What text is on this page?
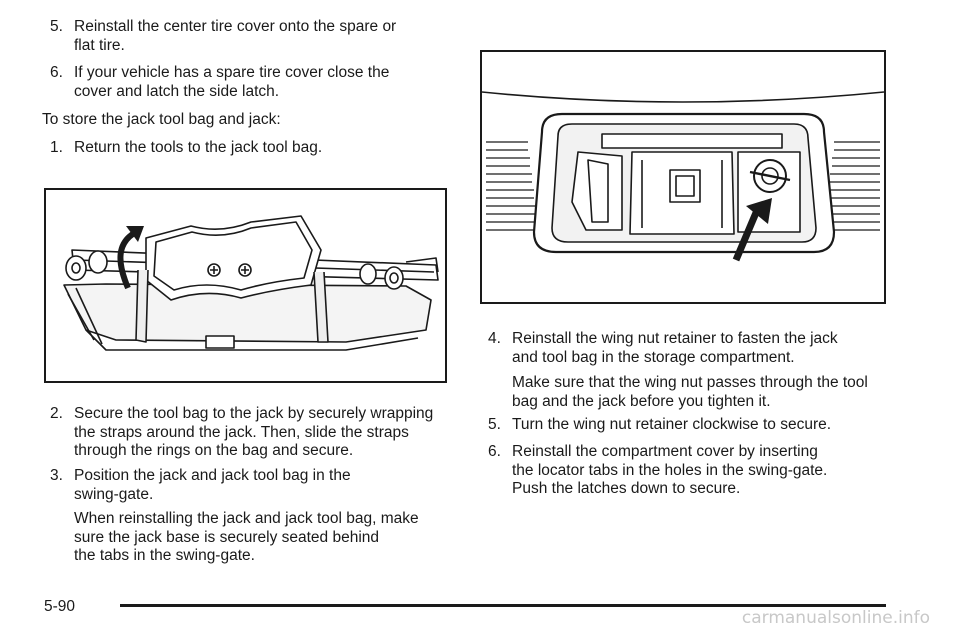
5. Reinstall the center tire cover onto the spare or

flat tire.

6. If your vehicle has a spare tire cover close the

cover and latch the side latch.

To store the jack tool bag and jack:

1. Return the tools to the jack tool bag.

2. Secure the tool bag to the jack by securely wrapping

the straps around the jack. Then, slide the straps

through the rings on the bag and secure.

3. Position the jack and jack tool bag in the

swing-gate.

When reinstalling the jack and jack tool bag, make

sure the jack base is securely seated behind

the tabs in the swing-gate.

4. Reinstall the wing nut retainer to fasten the jack

and tool bag in the storage compartment.

Make sure that the wing nut passes through the tool

bag and the jack before you tighten it.

5. Turn the wing nut retainer clockwise to secure.

6. Reinstall the compartment cover by inserting

the locator tabs in the holes in the swing-gate.

Push the latches down to secure.

5-90
carmanualsonline.info
